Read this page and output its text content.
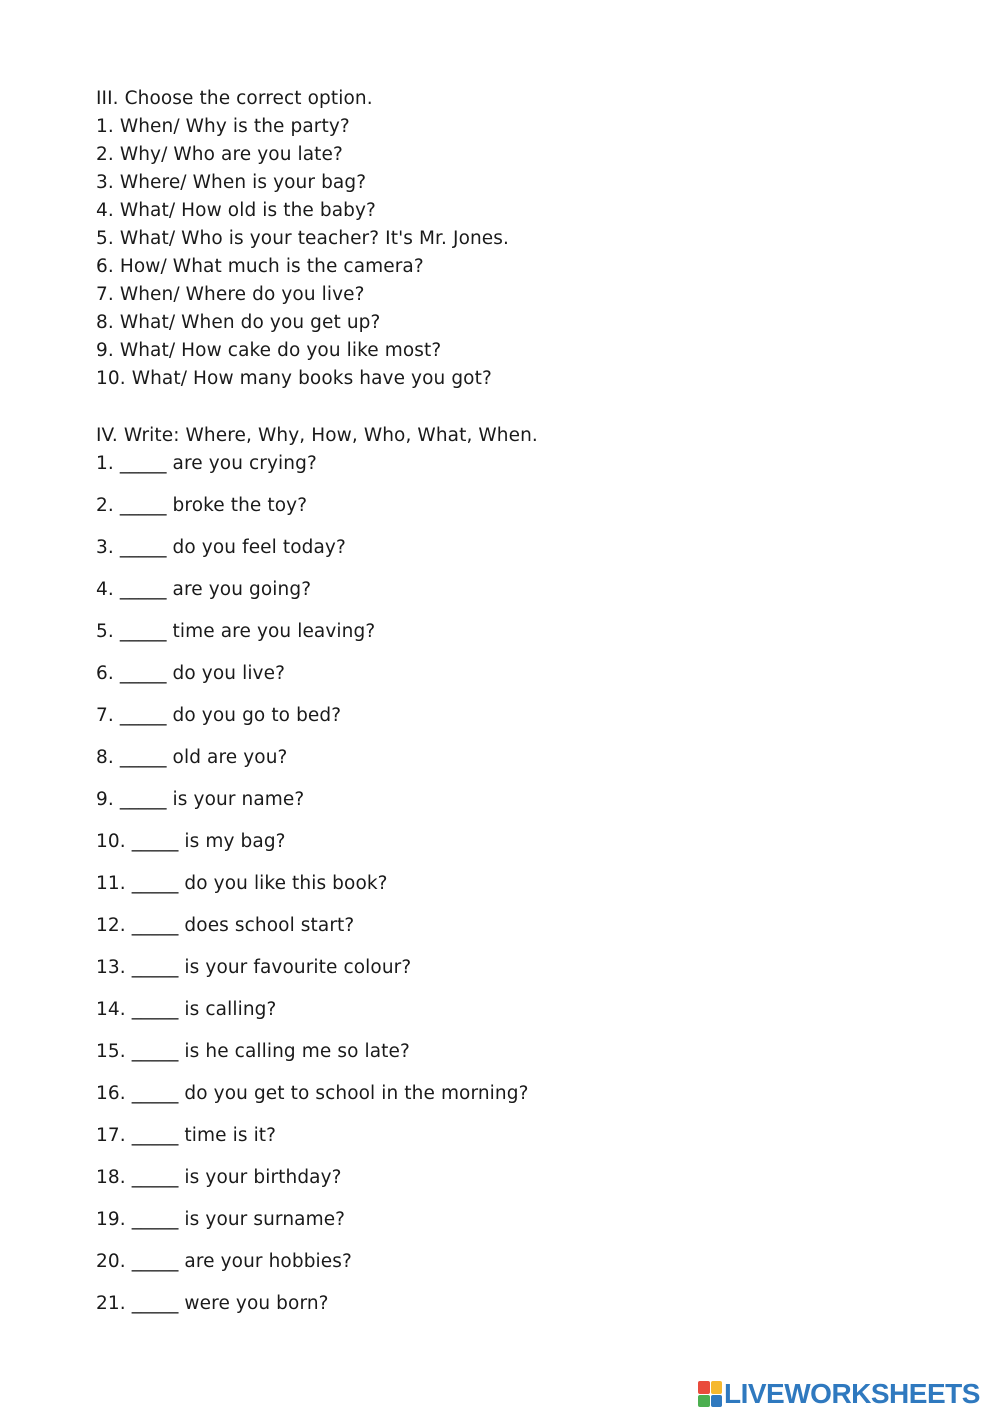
III. Choose the correct option.
1. When/ Why is the party?
2. Why/ Who are you late?
3. Where/ When is your bag?
4. What/ How old is the baby?
5. What/ Who is your teacher? It's Mr. Jones.
6. How/ What much is the camera?
7. When/ Where do you live?
8. What/ When do you get up?
9. What/ How cake do you like most?
10. What/ How many books have you got?
IV. Write: Where, Why, How, Who, What, When.
1. _____ are you crying?
2. _____ broke the toy?
3. _____ do you feel today?
4. _____ are you going?
5. _____ time are you leaving?
6. _____ do you live?
7. _____ do you go to bed?
8. _____ old are you?
9. _____ is your name?
10. _____ is my bag?
11. _____ do you like this book?
12. _____ does school start?
13. _____ is your favourite colour?
14. _____ is calling?
15. _____ is he calling me so late?
16. _____ do you get to school in the morning?
17. _____ time is it?
18. _____ is your birthday?
19. _____ is your surname?
20. _____ are your hobbies?
21. _____ were you born?
LIVEWORKSHEETS
